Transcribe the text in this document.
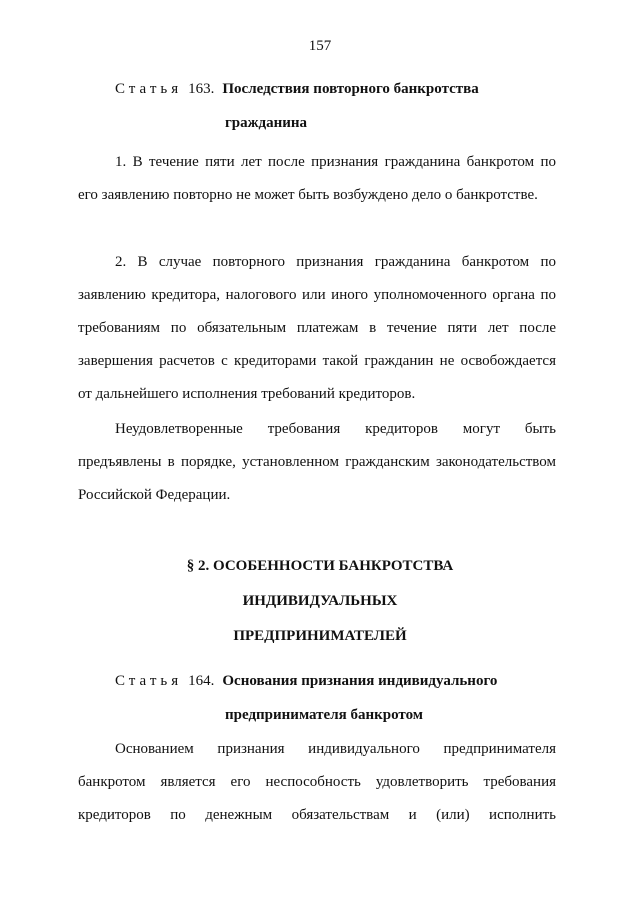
157
Статья 163. Последствия повторного банкротства
гражданина

1. В течение пяти лет после признания гражданина банкротом по его заявлению повторно не может быть возбуждено дело о банкротстве.

2. В случае повторного признания гражданина банкротом по заявлению кредитора, налогового или иного уполномоченного органа по требованиям по обязательным платежам в течение пяти лет после завершения расчетов с кредиторами такой гражданин не освобождается от дальнейшего исполнения требований кредиторов.

Неудовлетворенные требования кредиторов могут быть предъявлены в порядке, установленном гражданским законодательством Российской Федерации.

§ 2. ОСОБЕННОСТИ БАНКРОТСТВА
ИНДИВИДУАЛЬНЫХ
ПРЕДПРИНИМАТЕЛЕЙ
Статья 164. Основания признания индивидуального
предпринимателя банкротом

Основанием признания индивидуального предпринимателя

банкротом является его неспособность удовлетворить требования

кредиторов по денежным обязательствам и (или) исполнить
